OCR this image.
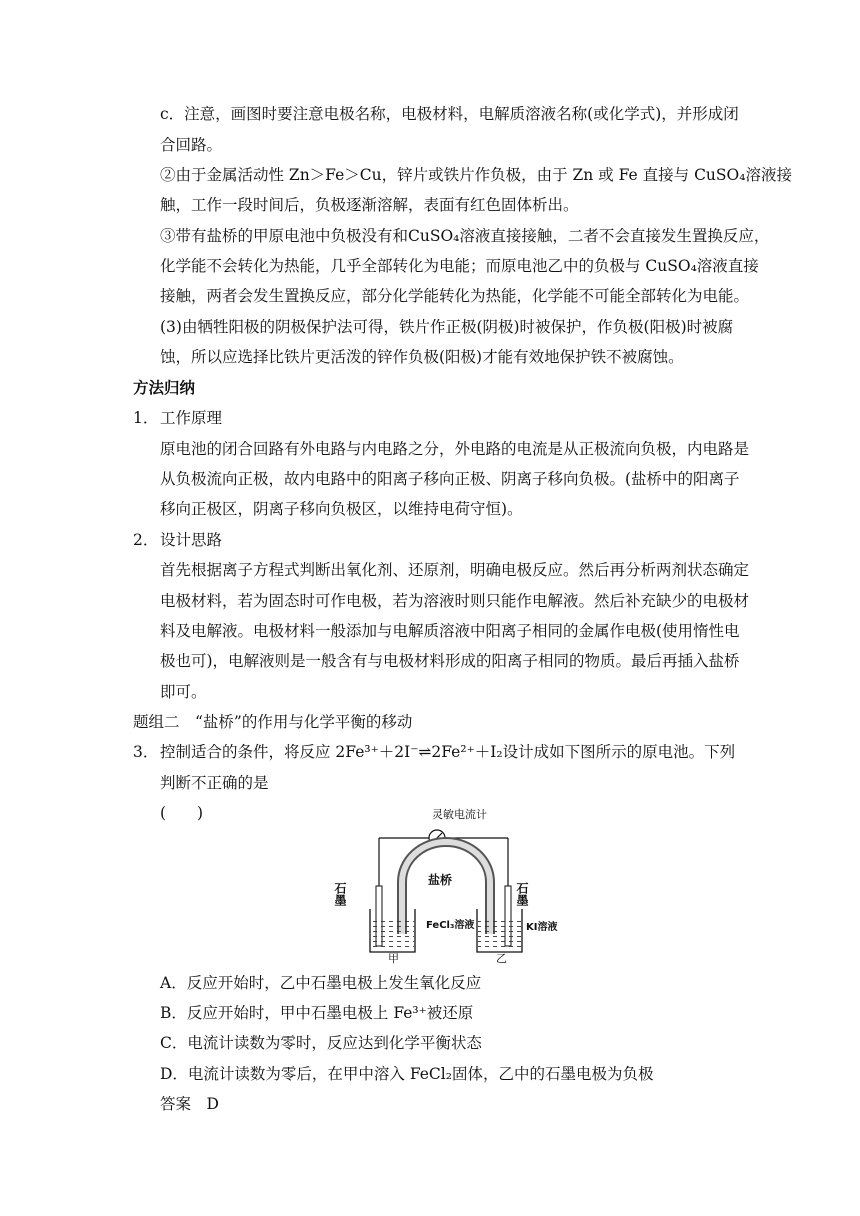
c．注意，画图时要注意电极名称，电极材料，电解质溶液名称(或化学式)，并形成闭
合回路。
②由于金属活动性 Zn＞Fe＞Cu，锌片或铁片作负极，由于 Zn 或 Fe 直接与 CuSO₄溶液接
触，工作一段时间后，负极逐渐溶解，表面有红色固体析出。
③带有盐桥的甲原电池中负极没有和CuSO₄溶液直接接触，二者不会直接发生置换反应，
化学能不会转化为热能，几乎全部转化为电能；而原电池乙中的负极与 CuSO₄溶液直接
接触，两者会发生置换反应，部分化学能转化为热能，化学能不可能全部转化为电能。
(3)由牺牲阳极的阴极保护法可得，铁片作正极(阴极)时被保护，作负极(阳极)时被腐
蚀，所以应选择比铁片更活泼的锌作负极(阳极)才能有效地保护铁不被腐蚀。
方法归纳
1． 工作原理
原电池的闭合回路有外电路与内电路之分，外电路的电流是从正极流向负极，内电路是
从负极流向正极，故内电路中的阳离子移向正极、阴离子移向负极。(盐桥中的阳离子
移向正极区，阴离子移向负极区，以维持电荷守恒)。
2． 设计思路
首先根据离子方程式判断出氧化剂、还原剂，明确电极反应。然后再分析两剂状态确定
电极材料，若为固态时可作电极，若为溶液时则只能作电解液。然后补充缺少的电极材
料及电解液。电极材料一般添加与电解质溶液中阳离子相同的金属作电极(使用惰性电
极也可)，电解液则是一般含有与电极材料形成的阳离子相同的物质。最后再插入盐桥
即可。
题组二　“盐桥”的作用与化学平衡的移动
3． 控制适合的条件，将反应 2Fe³⁺＋2I⁻⇌2Fe²⁺＋I₂设计成如下图所示的原电池。下列
判断不正确的是
(　　)	灵敏电流计
盐桥
石墨	石墨
FeCl₃溶液	KI溶液
甲	乙
A．反应开始时，乙中石墨电极上发生氧化反应
B．反应开始时，甲中石墨电极上 Fe³⁺被还原
C．电流计读数为零时，反应达到化学平衡状态
D．电流计读数为零后，在甲中溶入 FeCl₂固体，乙中的石墨电极为负极
答案　D
